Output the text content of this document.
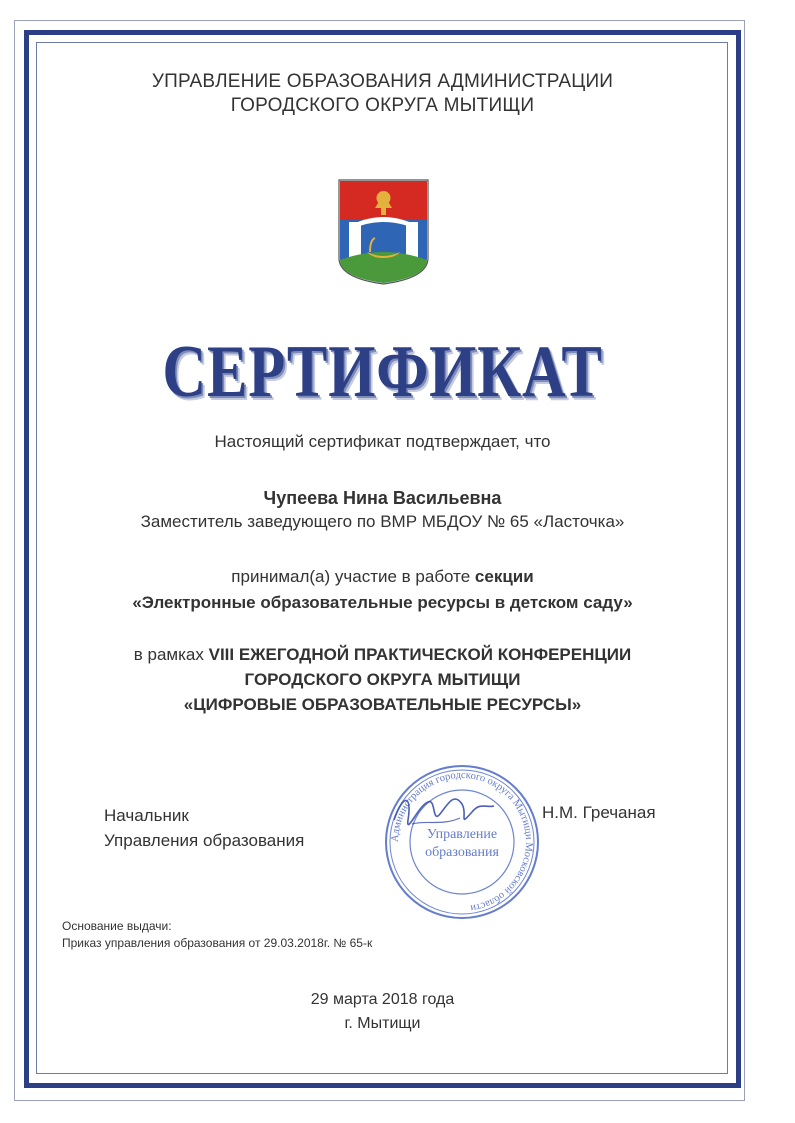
УПРАВЛЕНИЕ ОБРАЗОВАНИЯ АДМИНИСТРАЦИИ
ГОРОДСКОГО ОКРУГА МЫТИЩИ
СЕРТИФИКАТ
Настоящий сертификат подтверждает, что
Чупеева Нина Васильевна
Заместитель заведующего по ВМР МБДОУ № 65 «Ласточка»
принимал(а) участие в работе секции
«Электронные образовательные ресурсы в детском саду»
в рамках VIII ЕЖЕГОДНОЙ ПРАКТИЧЕСКОЙ КОНФЕРЕНЦИИ
ГОРОДСКОГО ОКРУГА МЫТИЩИ
«ЦИФРОВЫЕ ОБРАЗОВАТЕЛЬНЫЕ РЕСУРСЫ»
Начальник
Управления образования	Администрация городского округа Мытищи Московской области
Управление
образования
Н.М. Гречаная
Основание выдачи:
Приказ управления образования от 29.03.2018г. № 65-к
29 марта 2018 года
г. Мытищи
